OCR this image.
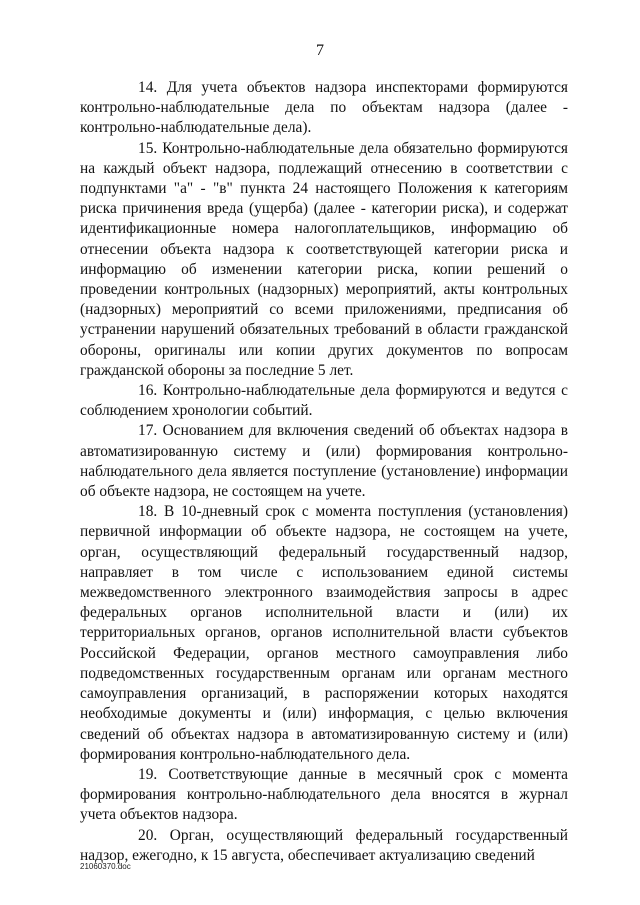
7

14. Для учета объектов надзора инспекторами формируются контрольно-наблюдательные дела по объектам надзора (далее - контрольно-наблюдательные дела).

15. Контрольно-наблюдательные дела обязательно формируются на каждый объект надзора, подлежащий отнесению в соответствии с подпунктами "а" - "в" пункта 24 настоящего Положения к категориям риска причинения вреда (ущерба) (далее - категории риска), и содержат идентификационные номера налогоплательщиков, информацию об отнесении объекта надзора к соответствующей категории риска и информацию об изменении категории риска, копии решений о проведении контрольных (надзорных) мероприятий, акты контрольных (надзорных) мероприятий со всеми приложениями, предписания об устранении нарушений обязательных требований в области гражданской обороны, оригиналы или копии других документов по вопросам гражданской обороны за последние 5 лет.

16. Контрольно-наблюдательные дела формируются и ведутся с соблюдением хронологии событий.

17. Основанием для включения сведений об объектах надзора в автоматизированную систему и (или) формирования контрольно-наблюдательного дела является поступление (установление) информации об объекте надзора, не состоящем на учете.

18. В 10-дневный срок с момента поступления (установления) первичной информации об объекте надзора, не состоящем на учете, орган, осуществляющий федеральный государственный надзор, направляет в том числе с использованием единой системы межведомственного электронного взаимодействия запросы в адрес федеральных органов исполнительной власти и (или) их территориальных органов, органов исполнительной власти субъектов Российской Федерации, органов местного самоуправления либо подведомственных государственным органам или органам местного самоуправления организаций, в распоряжении которых находятся необходимые документы и (или) информация, с целью включения сведений об объектах надзора в автоматизированную систему и (или) формирования контрольно-наблюдательного дела.

19. Соответствующие данные в месячный срок с момента формирования контрольно-наблюдательного дела вносятся в журнал учета объектов надзора.

20. Орган, осуществляющий федеральный государственный надзор, ежегодно, к 15 августа, обеспечивает актуализацию сведений

21060370.doc
